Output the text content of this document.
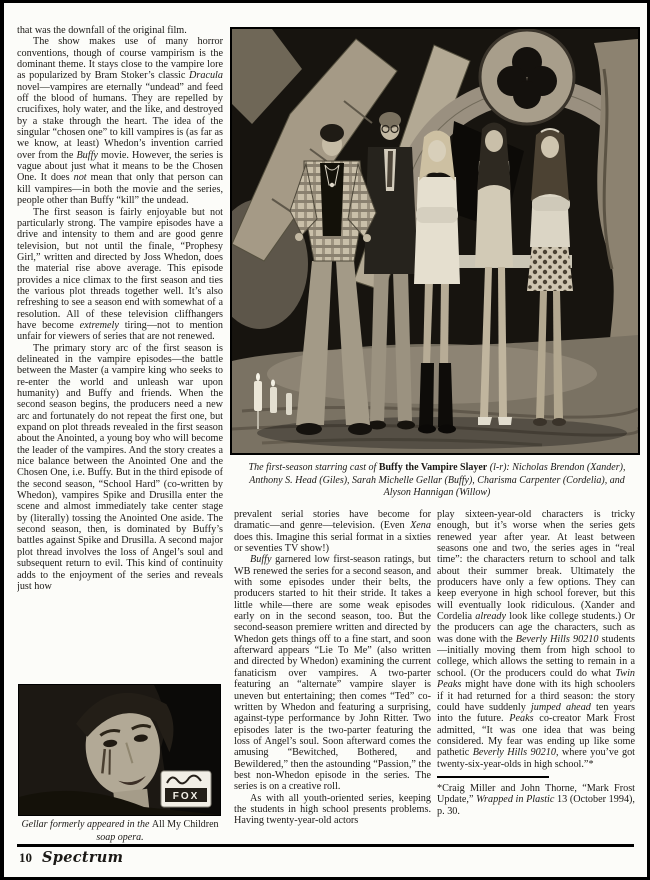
that was the downfall of the original film.

The show makes use of many horror conventions, though of course vampirism is the dominant theme. It stays close to the vampire lore as popularized by Bram Stoker’s classic Dracula novel—vampires are eternally “undead” and feed off the blood of humans. They are repelled by crucifixes, holy water, and the like, and destroyed by a stake through the heart. The idea of the singular “chosen one” to kill vampires is (as far as we know, at least) Whedon’s invention carried over from the Buffy movie. However, the series is vague about just what it means to be the Chosen One. It does not mean that only that person can kill vampires—in both the movie and the series, people other than Buffy “kill” the undead.

The first season is fairly enjoyable but not particularly strong. The vampire episodes have a drive and intensity to them and are good genre television, but not until the finale, “Prophesy Girl,” written and directed by Joss Whedon, does the material rise above average. This episode provides a nice climax to the first season and ties the various plot threads together well. It’s also refreshing to see a season end with somewhat of a resolution. All of these television cliffhangers have become extremely tiring—not to mention unfair for viewers of series that are not renewed.

The primary story arc of the first season is delineated in the vampire episodes—the battle between the Master (a vampire king who seeks to re-enter the world and unleash war upon humanity) and Buffy and friends. When the second season begins, the producers need a new arc and fortunately do not repeat the first one, but expand on plot threads revealed in the first season about the Anointed, a young boy who will become the leader of the vampires. And the story creates a nice balance between the Anointed One and the Chosen One, i.e. Buffy. But in the third episode of the second season, “School Hard” (co-written by Whedon), vampires Spike and Drusilla enter the scene and almost immediately take center stage by (literally) tossing the Anointed One aside. The second season, then, is dominated by Buffy’s battles against Spike and Drusilla. A second major plot thread involves the loss of Angel’s soul and subsequent return to evil. This kind of continuity adds to the enjoyment of the series and reveals just how

The first-season starring cast of Buffy the Vampire Slayer (l-r): Nicholas Brendon (Xander), Anthony S. Head (Giles), Sarah Michelle Gellar (Buffy), Charisma Carpenter (Cordelia), and Alyson Hannigan (Willow)

prevalent serial stories have become for dramatic—and genre—television. (Even Xena does this. Imagine this serial format in a sixties or seventies TV show!)

Buffy garnered low first-season ratings, but WB renewed the series for a second season, and with some episodes under their belts, the producers started to hit their stride. It takes a little while—there are some weak episodes early on in the second season, too. But the second-season premiere written and directed by Whedon gets things off to a fine start, and soon afterward appears “Lie To Me” (also written and directed by Whedon) examining the current fanaticism over vampires. A two-parter featuring an “alternate” vampire slayer is uneven but entertaining; then comes “Ted” co-written by Whedon and featuring a surprising, against-type performance by John Ritter. Two episodes later is the two-parter featuring the loss of Angel’s soul. Soon afterward comes the amusing “Bewitched, Bothered, and Bewildered,” then the astounding “Passion,” the best non-Whedon episode in the series. The series is on a creative roll.

As with all youth-oriented series, keeping the students in high school presents problems. Having twenty-year-old actors

play sixteen-year-old characters is tricky enough, but it’s worse when the series gets renewed year after year. At least between seasons one and two, the series ages in “real time”: the characters return to school and talk about their summer break. Ultimately the producers have only a few options. They can keep everyone in high school forever, but this will eventually look ridiculous. (Xander and Cordelia already look like college students.) Or the producers can age the characters, such as was done with the Beverly Hills 90210 students—initially moving them from high school to college, which allows the setting to remain in a school. (Or the producers could do what Twin Peaks might have done with its high schoolers if it had returned for a third season: the story could have suddenly jumped ahead ten years into the future. Peaks co-creator Mark Frost admitted, “It was one idea that was being considered. My fear was ending up like some pathetic Beverly Hills 90210, where you’ve got twenty-six-year-olds in high school.”*

*Craig Miller and John Thorne, “Mark Frost Update,” Wrapped in Plastic 13 (October 1994), p. 30.

FOX
Gellar formerly appeared in the All My Children soap opera.
10 Spectrum
